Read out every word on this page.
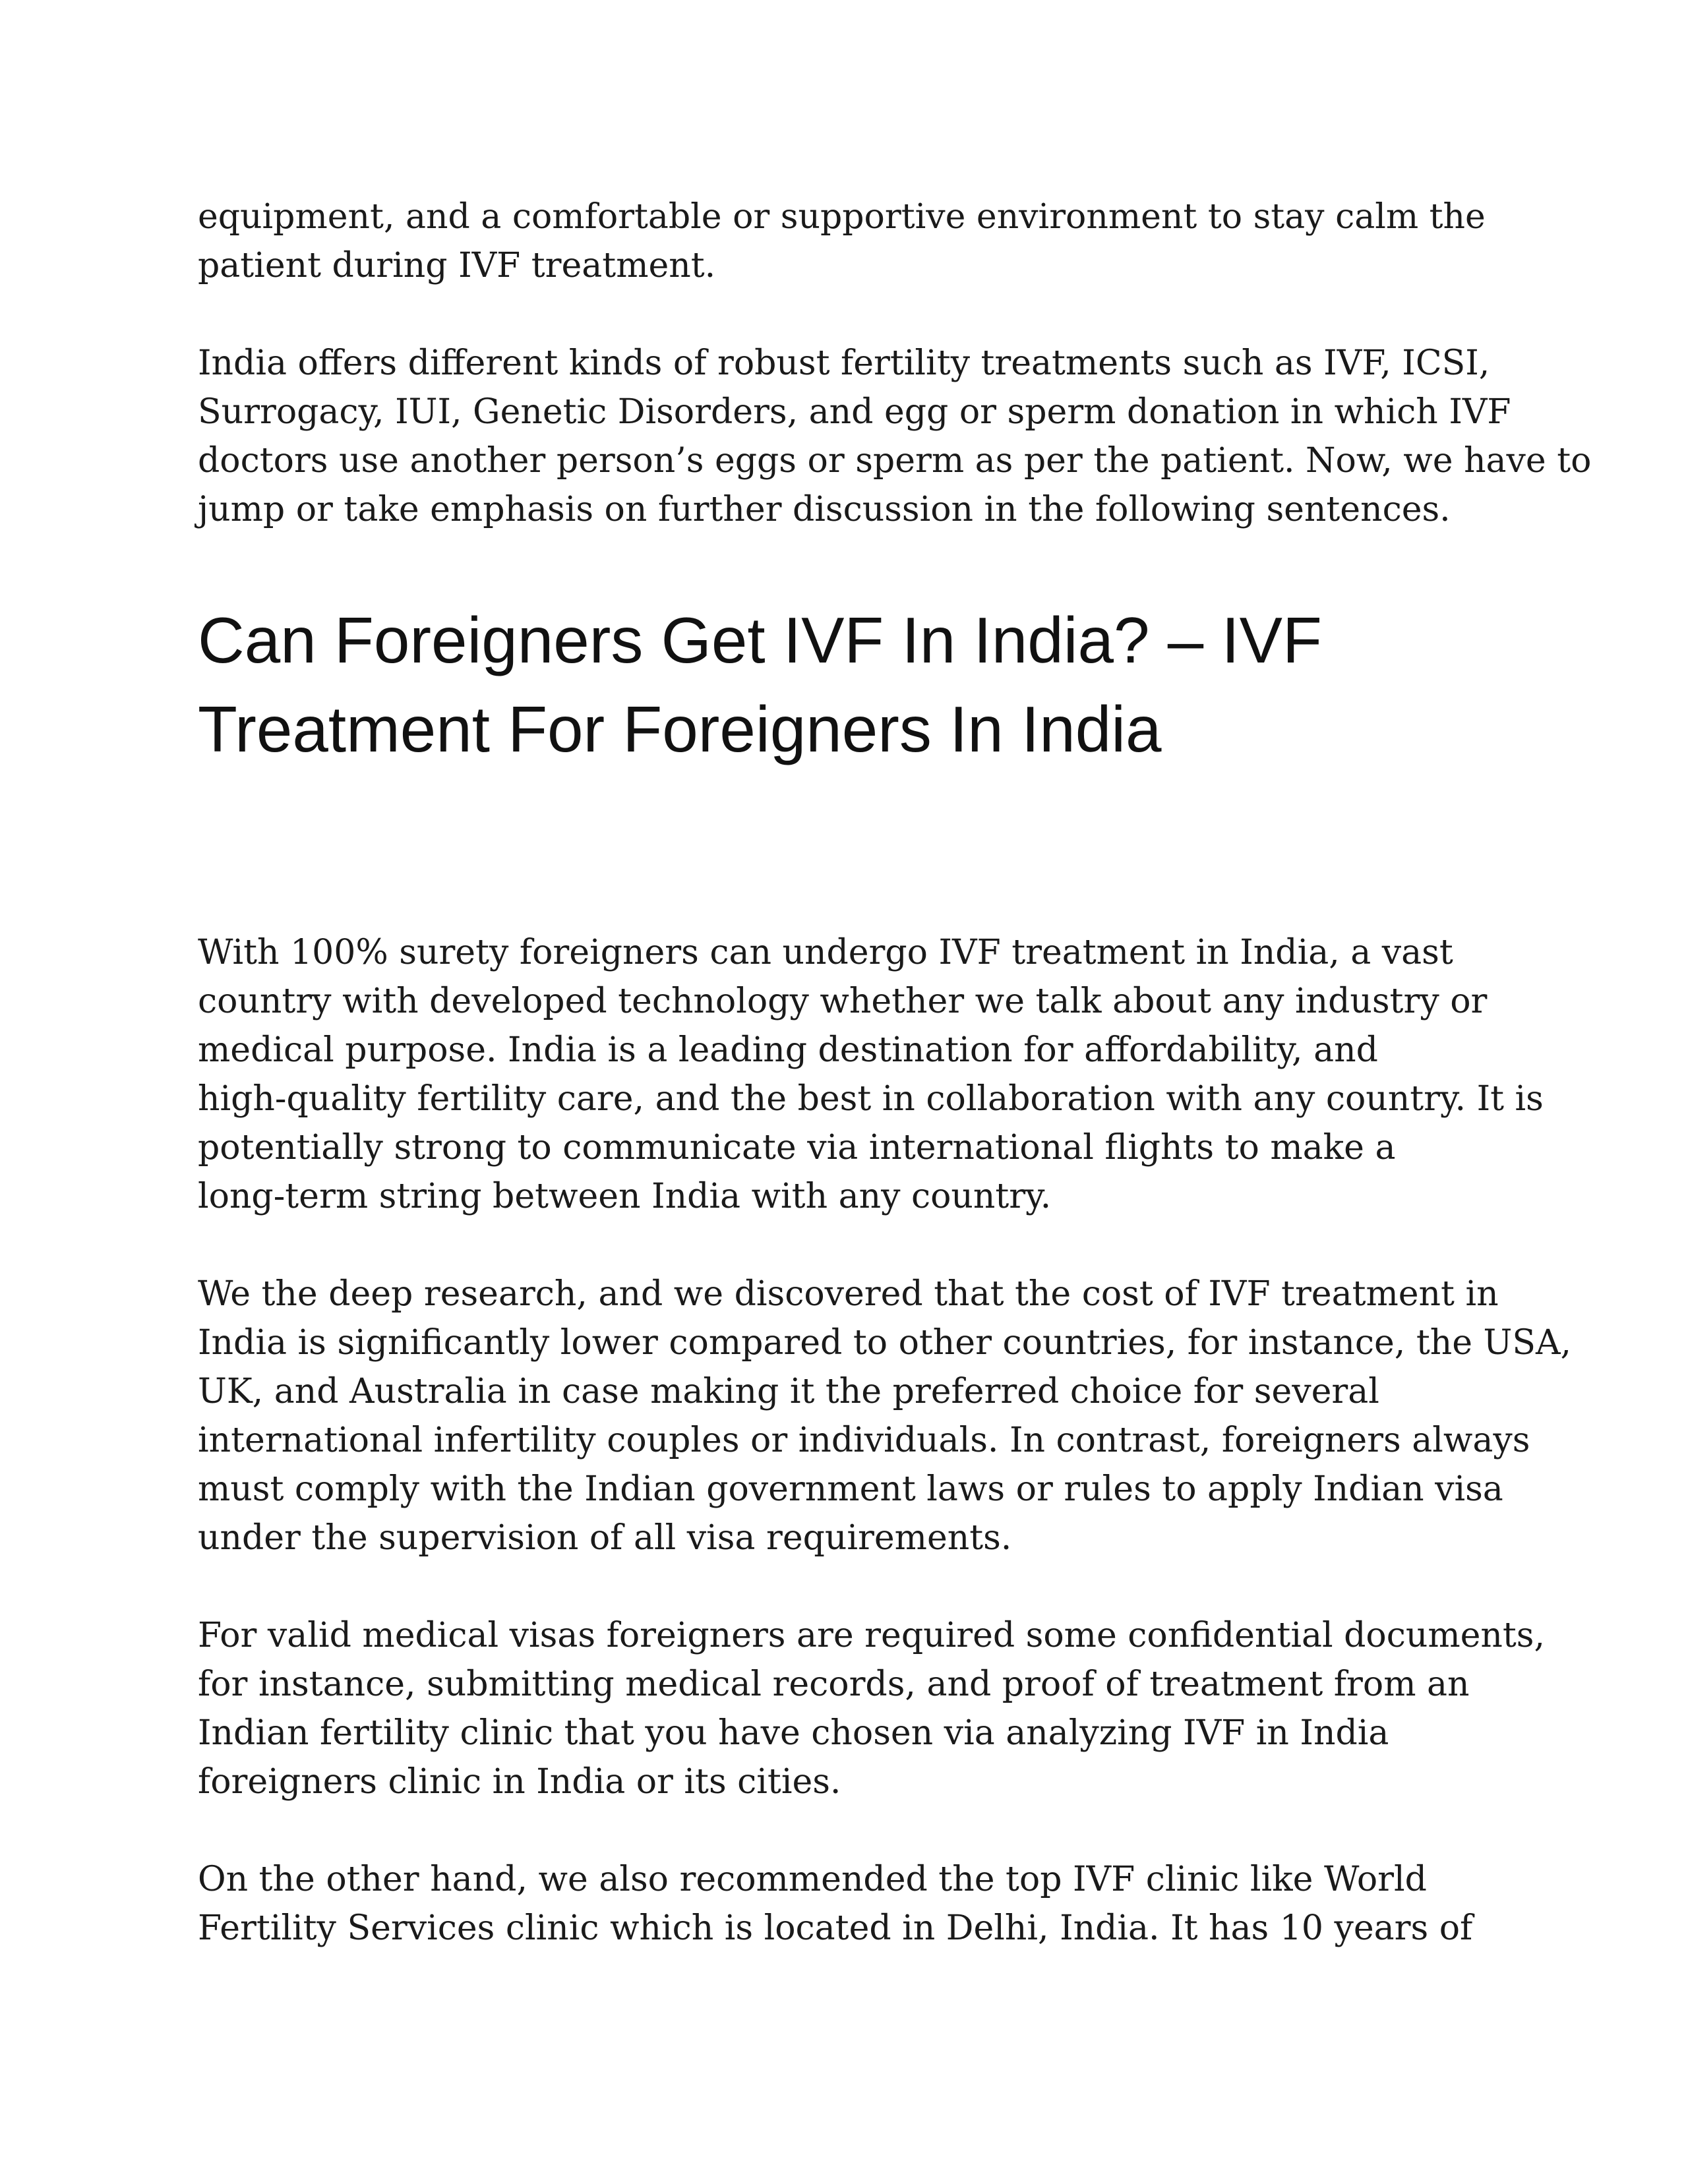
equipment, and a comfortable or supportive environment to stay calm the
patient during IVF treatment.

India offers different kinds of robust fertility treatments such as IVF, ICSI,
Surrogacy, IUI, Genetic Disorders, and egg or sperm donation in which IVF
doctors use another person’s eggs or sperm as per the patient. Now, we have to
jump or take emphasis on further discussion in the following sentences.

Can Foreigners Get IVF In India? – IVF
Treatment For Foreigners In India

With 100% surety foreigners can undergo IVF treatment in India, a vast
country with developed technology whether we talk about any industry or
medical purpose. India is a leading destination for affordability, and
high-quality fertility care, and the best in collaboration with any country. It is
potentially strong to communicate via international flights to make a
long-term string between India with any country.

We the deep research, and we discovered that the cost of IVF treatment in
India is significantly lower compared to other countries, for instance, the USA,
UK, and Australia in case making it the preferred choice for several
international infertility couples or individuals. In contrast, foreigners always
must comply with the Indian government laws or rules to apply Indian visa
under the supervision of all visa requirements.

For valid medical visas foreigners are required some confidential documents,
for instance, submitting medical records, and proof of treatment from an
Indian fertility clinic that you have chosen via analyzing IVF in India
foreigners clinic in India or its cities.

On the other hand, we also recommended the top IVF clinic like World
Fertility Services clinic which is located in Delhi, India. It has 10 years of
